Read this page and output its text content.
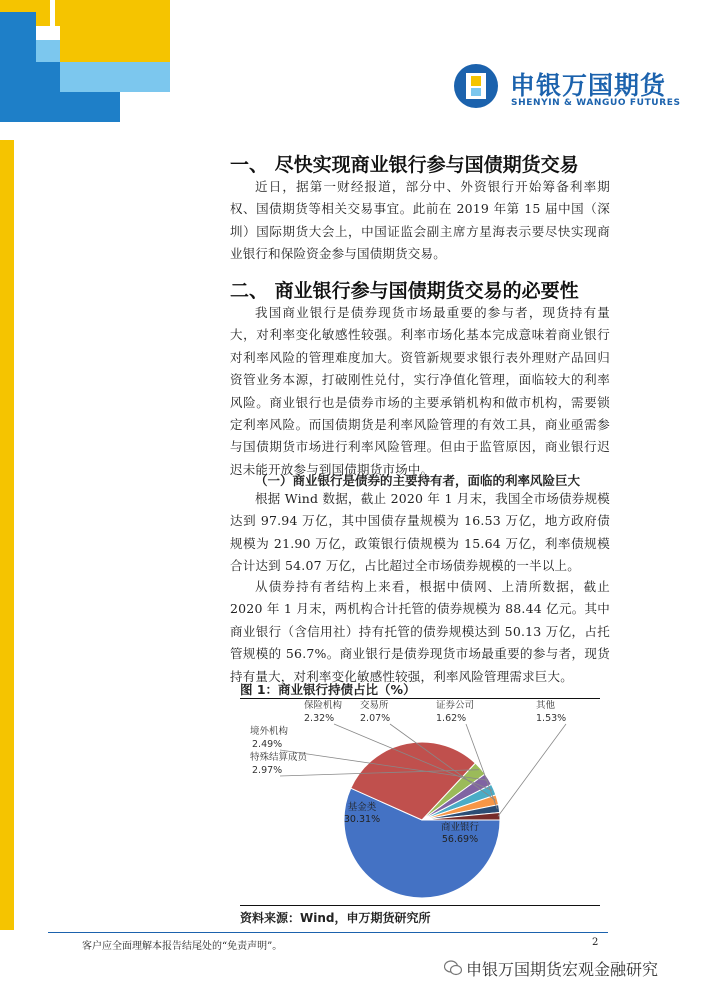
申银万国期货
SHENYIN & WANGUO FUTURES
一、 尽快实现商业银行参与国债期货交易

近日，据第一财经报道，部分中、外资银行开始筹备利率期权、国债期货等相关交易事宜。此前在 2019 年第 15 届中国（深圳）国际期货大会上，中国证监会副主席方星海表示要尽快实现商业银行和保险资金参与国债期货交易。

二、 商业银行参与国债期货交易的必要性

我国商业银行是债券现货市场最重要的参与者，现货持有量大，对利率变化敏感性较强。利率市场化基本完成意味着商业银行对利率风险的管理难度加大。资管新规要求银行表外理财产品回归资管业务本源，打破刚性兑付，实行净值化管理，面临较大的利率风险。商业银行也是债券市场的主要承销机构和做市机构，需要锁定利率风险。而国债期货是利率风险管理的有效工具，商业亟需参与国债期货市场进行利率风险管理。但由于监管原因，商业银行迟迟未能开放参与到国债期货市场中。

（一）商业银行是债券的主要持有者，面临的利率风险巨大

根据 Wind 数据，截止 2020 年 1 月末，我国全市场债券规模达到 97.94 万亿，其中国债存量规模为 16.53 万亿，地方政府债规模为 21.90 万亿，政策银行债规模为 15.64 万亿，利率债规模合计达到 54.07 万亿，占比超过全市场债券规模的一半以上。

从债券持有者结构上来看，根据中债网、上清所数据，截止 2020 年 1 月末，两机构合计托管的债券规模为 88.44 亿元。其中商业银行（含信用社）持有托管的债券规模达到 50.13 万亿，占托管规模的 56.7%。商业银行是债券现货市场最重要的参与者，现货持有量大，对利率变化敏感性较强，利率风险管理需求巨大。

图 1：商业银行持债占比（%）
商业银行
56.69%
基金类
30.31%
特殊结算成员
2.97%
境外机构
2.49%
保险机构
2.32%
交易所
2.07%
证券公司
1.62%
其他
1.53%
资料来源：Wind，申万期货研究所
客户应全面理解本报告结尾处的“免责声明”。	2
申银万国期货宏观金融研究
